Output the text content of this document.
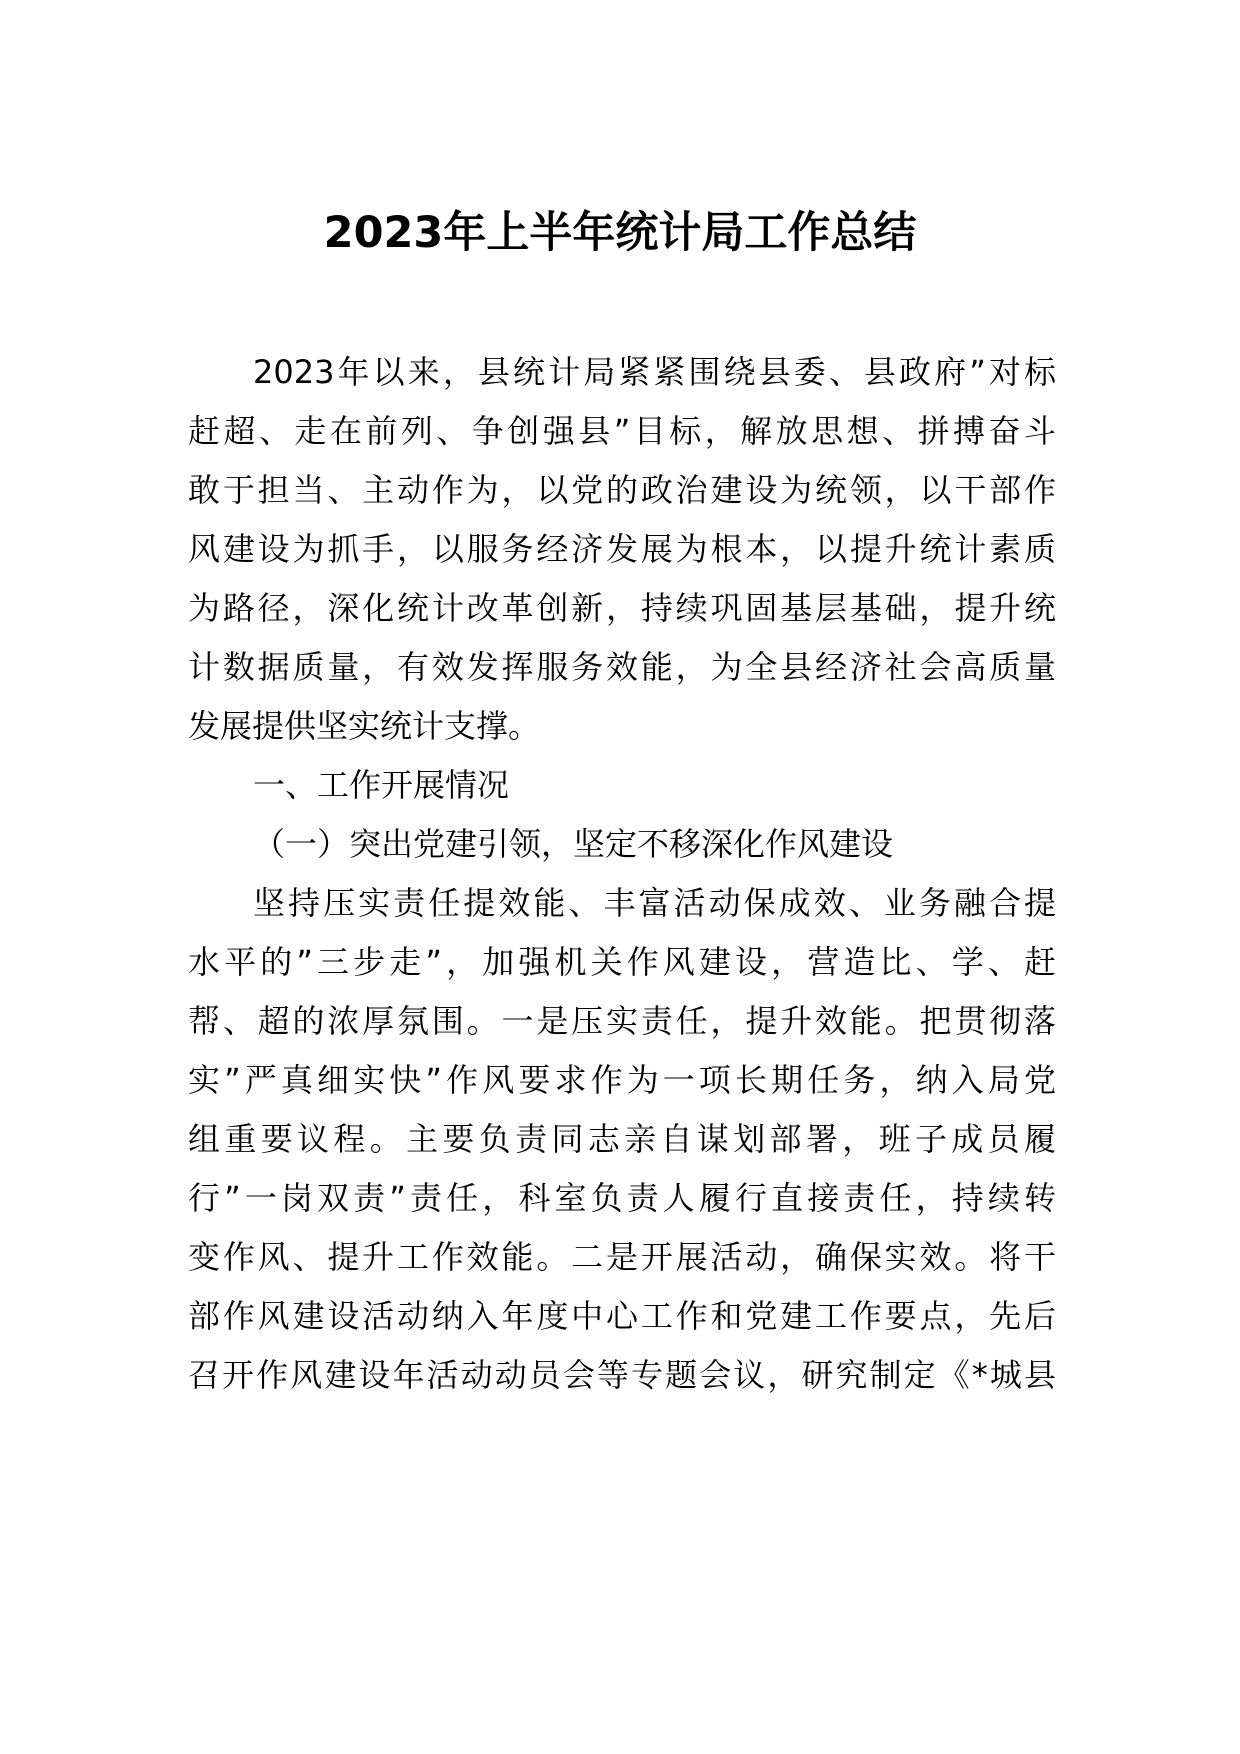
2023年上半年统计局工作总结
2023年以来，县统计局紧紧围绕县委、县政府”对标
赶超、走在前列、争创强县”目标，解放思想、拼搏奋斗
敢于担当、主动作为，以党的政治建设为统领，以干部作
风建设为抓手，以服务经济发展为根本，以提升统计素质
为路径，深化统计改革创新，持续巩固基层基础，提升统
计数据质量，有效发挥服务效能，为全县经济社会高质量
发展提供坚实统计支撑。
一、工作开展情况
（一）突出党建引领，坚定不移深化作风建设
坚持压实责任提效能、丰富活动保成效、业务融合提
水平的”三步走”，加强机关作风建设，营造比、学、赶
帮、超的浓厚氛围。一是压实责任，提升效能。把贯彻落
实”严真细实快”作风要求作为一项长期任务，纳入局党
组重要议程。主要负责同志亲自谋划部署，班子成员履
行”一岗双责”责任，科室负责人履行直接责任，持续转
变作风、提升工作效能。二是开展活动，确保实效。将干
部作风建设活动纳入年度中心工作和党建工作要点，先后
召开作风建设年活动动员会等专题会议，研究制定《*城县
